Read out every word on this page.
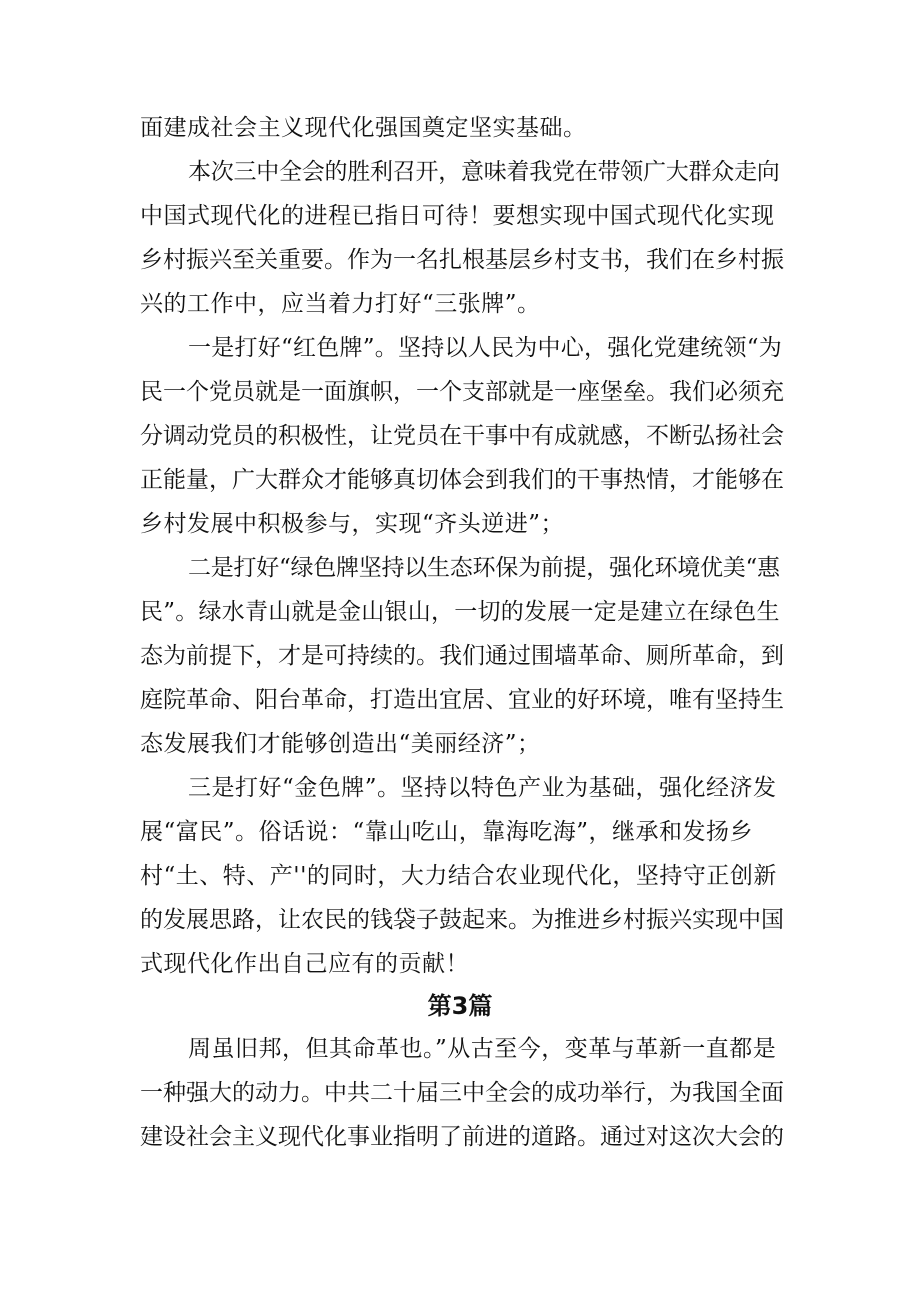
面建成社会主义现代化强国奠定坚实基础。
本次三中全会的胜利召开，意味着我党在带领广大群众走向
中国式现代化的进程已指日可待！要想实现中国式现代化实现
乡村振兴至关重要。作为一名扎根基层乡村支书，我们在乡村振
兴的工作中，应当着力打好“三张牌”。
一是打好“红色牌”。坚持以人民为中心，强化党建统领“为
民一个党员就是一面旗帜，一个支部就是一座堡垒。我们必须充
分调动党员的积极性，让党员在干事中有成就感，不断弘扬社会
正能量，广大群众才能够真切体会到我们的干事热情，才能够在
乡村发展中积极参与，实现“齐头逆进”；
二是打好“绿色牌坚持以生态环保为前提，强化环境优美“惠
民”。绿水青山就是金山银山，一切的发展一定是建立在绿色生
态为前提下，才是可持续的。我们通过围墙革命、厕所革命，到
庭院革命、阳台革命，打造出宜居、宜业的好环境，唯有坚持生
态发展我们才能够创造出“美丽经济”；
三是打好“金色牌”。坚持以特色产业为基础，强化经济发
展“富民”。俗话说：“靠山吃山，靠海吃海”，继承和发扬乡
村“土、特、产''的同时，大力结合农业现代化，坚持守正创新
的发展思路，让农民的钱袋子鼓起来。为推进乡村振兴实现中国
式现代化作出自己应有的贡献！
第3篇
周虽旧邦，但其命革也。”从古至今，变革与革新一直都是
一种强大的动力。中共二十届三中全会的成功举行，为我国全面
建设社会主义现代化事业指明了前进的道路。通过对这次大会的
